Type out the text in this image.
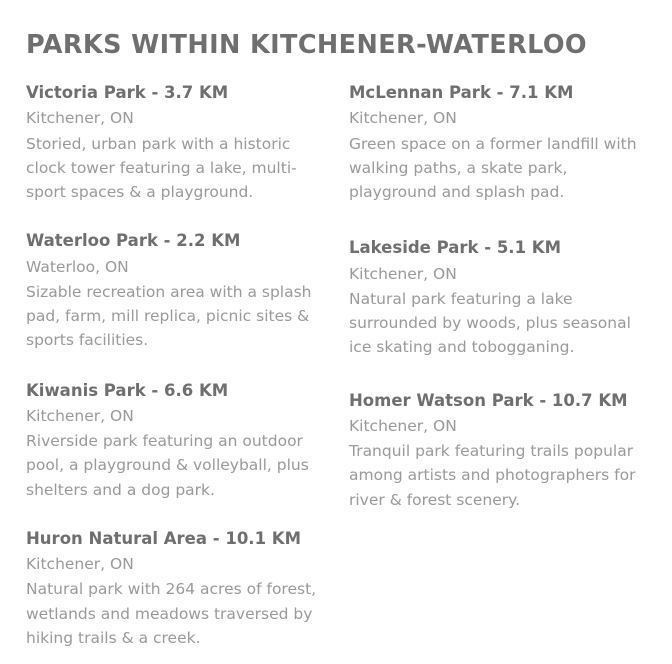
PARKS WITHIN KITCHENER-WATERLOO
Victoria Park - 3.7 KM
Kitchener, ON
Storied, urban park with a historic clock tower featuring a lake, multi-sport spaces & a playground.
Waterloo Park - 2.2 KM
Waterloo, ON
Sizable recreation area with a splash pad, farm, mill replica, picnic sites & sports facilities.
Kiwanis Park - 6.6 KM
Kitchener, ON
Riverside park featuring an outdoor pool, a playground & volleyball, plus shelters and a dog park.
Huron Natural Area - 10.1 KM
Kitchener, ON
Natural park with 264 acres of forest, wetlands and meadows traversed by hiking trails & a creek.
McLennan Park - 7.1 KM
Kitchener, ON
Green space on a former landfill with walking paths, a skate park, playground and splash pad.
Lakeside Park - 5.1 KM
Kitchener, ON
Natural park featuring a lake surrounded by woods, plus seasonal ice skating and tobogganing.
Homer Watson Park - 10.7 KM
Kitchener, ON
Tranquil park featuring trails popular among artists and photographers for river & forest scenery.
